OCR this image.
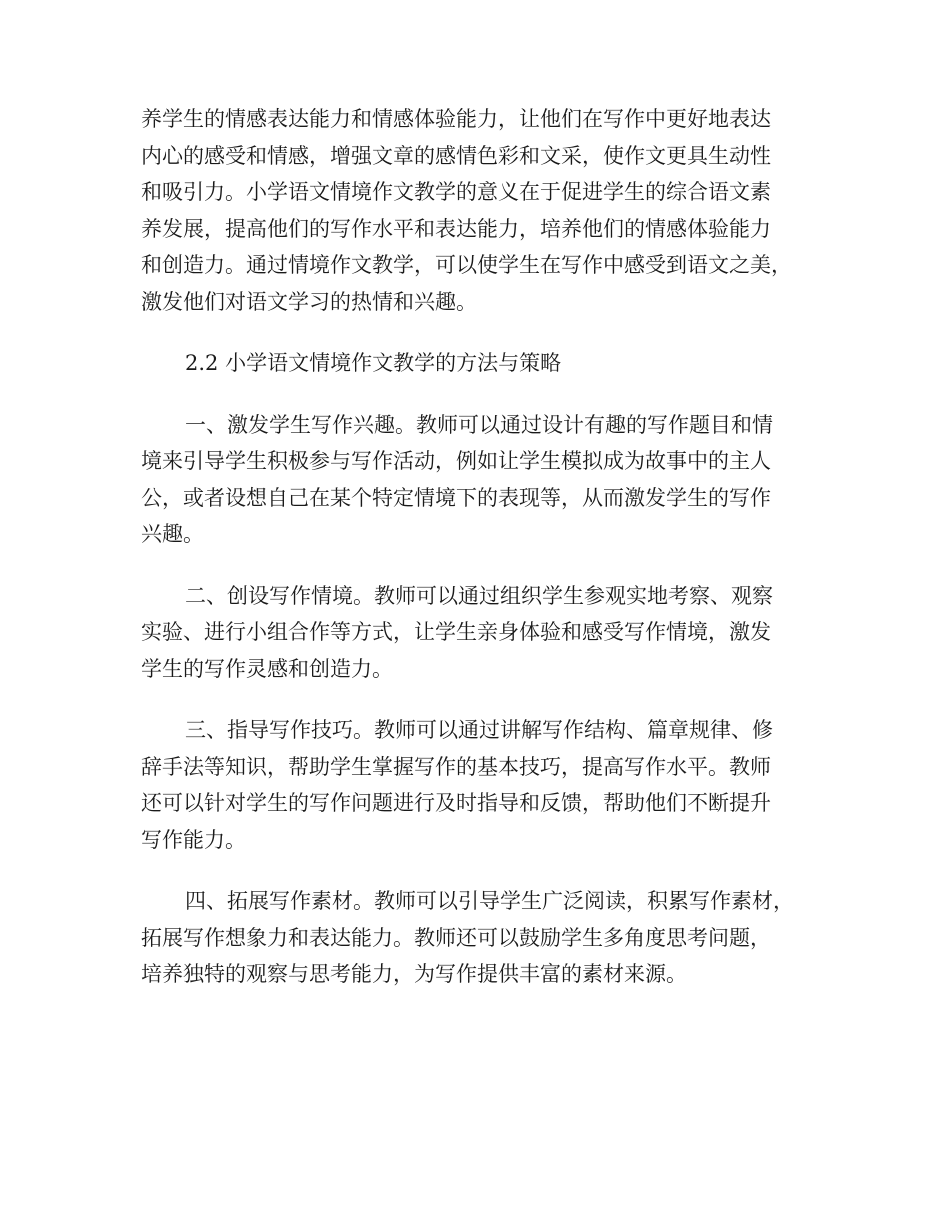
养学生的情感表达能力和情感体验能力，让他们在写作中更好地表达
内心的感受和情感，增强文章的感情色彩和文采，使作文更具生动性
和吸引力。小学语文情境作文教学的意义在于促进学生的综合语文素
养发展，提高他们的写作水平和表达能力，培养他们的情感体验能力
和创造力。通过情境作文教学，可以使学生在写作中感受到语文之美，
激发他们对语文学习的热情和兴趣。
2.2 小学语文情境作文教学的方法与策略
一、激发学生写作兴趣。教师可以通过设计有趣的写作题目和情
境来引导学生积极参与写作活动，例如让学生模拟成为故事中的主人
公，或者设想自己在某个特定情境下的表现等，从而激发学生的写作
兴趣。
二、创设写作情境。教师可以通过组织学生参观实地考察、观察
实验、进行小组合作等方式，让学生亲身体验和感受写作情境，激发
学生的写作灵感和创造力。
三、指导写作技巧。教师可以通过讲解写作结构、篇章规律、修
辞手法等知识，帮助学生掌握写作的基本技巧，提高写作水平。教师
还可以针对学生的写作问题进行及时指导和反馈，帮助他们不断提升
写作能力。
四、拓展写作素材。教师可以引导学生广泛阅读，积累写作素材，
拓展写作想象力和表达能力。教师还可以鼓励学生多角度思考问题，
培养独特的观察与思考能力，为写作提供丰富的素材来源。
